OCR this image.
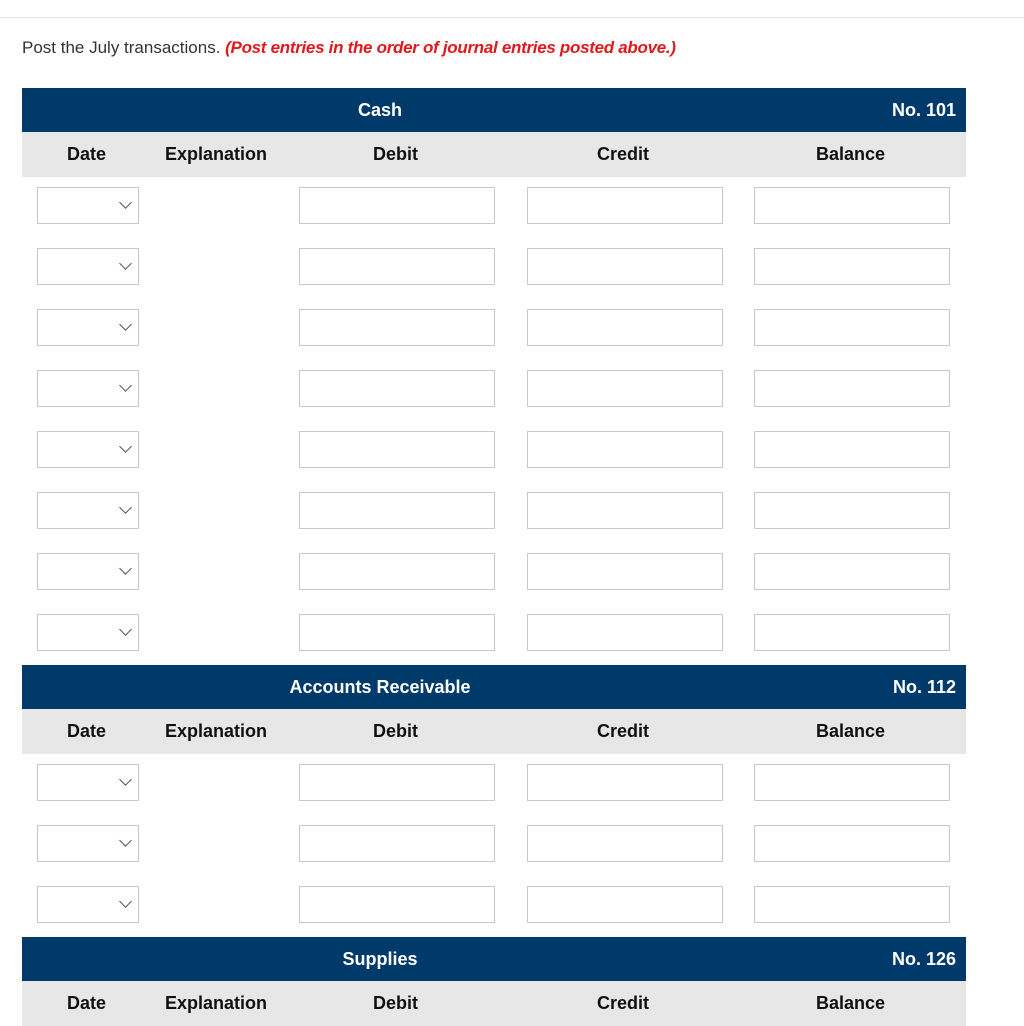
Post the July transactions. (Post entries in the order of journal entries posted above.)
Cash	No. 101
Date	Explanation	Debit	Credit	Balance
Accounts Receivable	No. 112
Date	Explanation	Debit	Credit	Balance
Supplies	No. 126
Date	Explanation	Debit	Credit	Balance
